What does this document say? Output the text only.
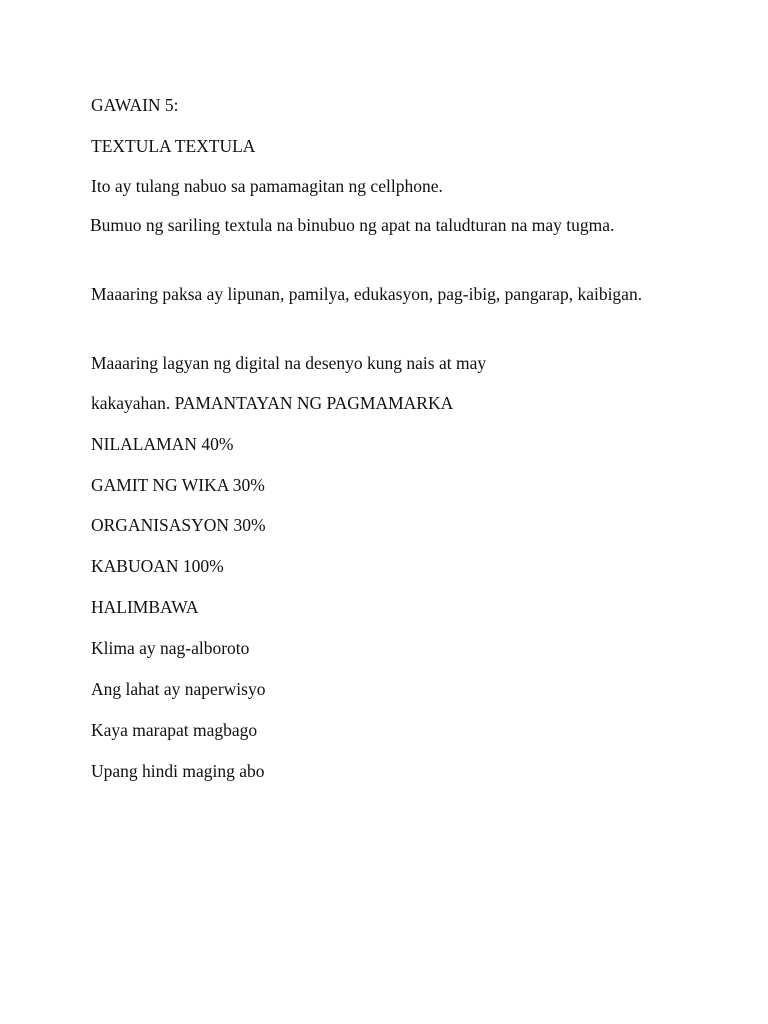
GAWAIN 5:
TEXTULA TEXTULA
Ito ay tulang nabuo sa pamamagitan ng cellphone.
Bumuo ng sariling textula na binubuo ng apat na taludturan na may tugma.
Maaaring paksa ay lipunan, pamilya, edukasyon, pag-ibig, pangarap, kaibigan.
Maaaring lagyan ng digital na desenyo kung nais at may
kakayahan. PAMANTAYAN NG PAGMAMARKA
NILALAMAN 40%
GAMIT NG WIKA 30%
ORGANISASYON 30%
KABUOAN 100%
HALIMBAWA
Klima ay nag-alboroto
Ang lahat ay naperwisyo
Kaya marapat magbago
Upang hindi maging abo
